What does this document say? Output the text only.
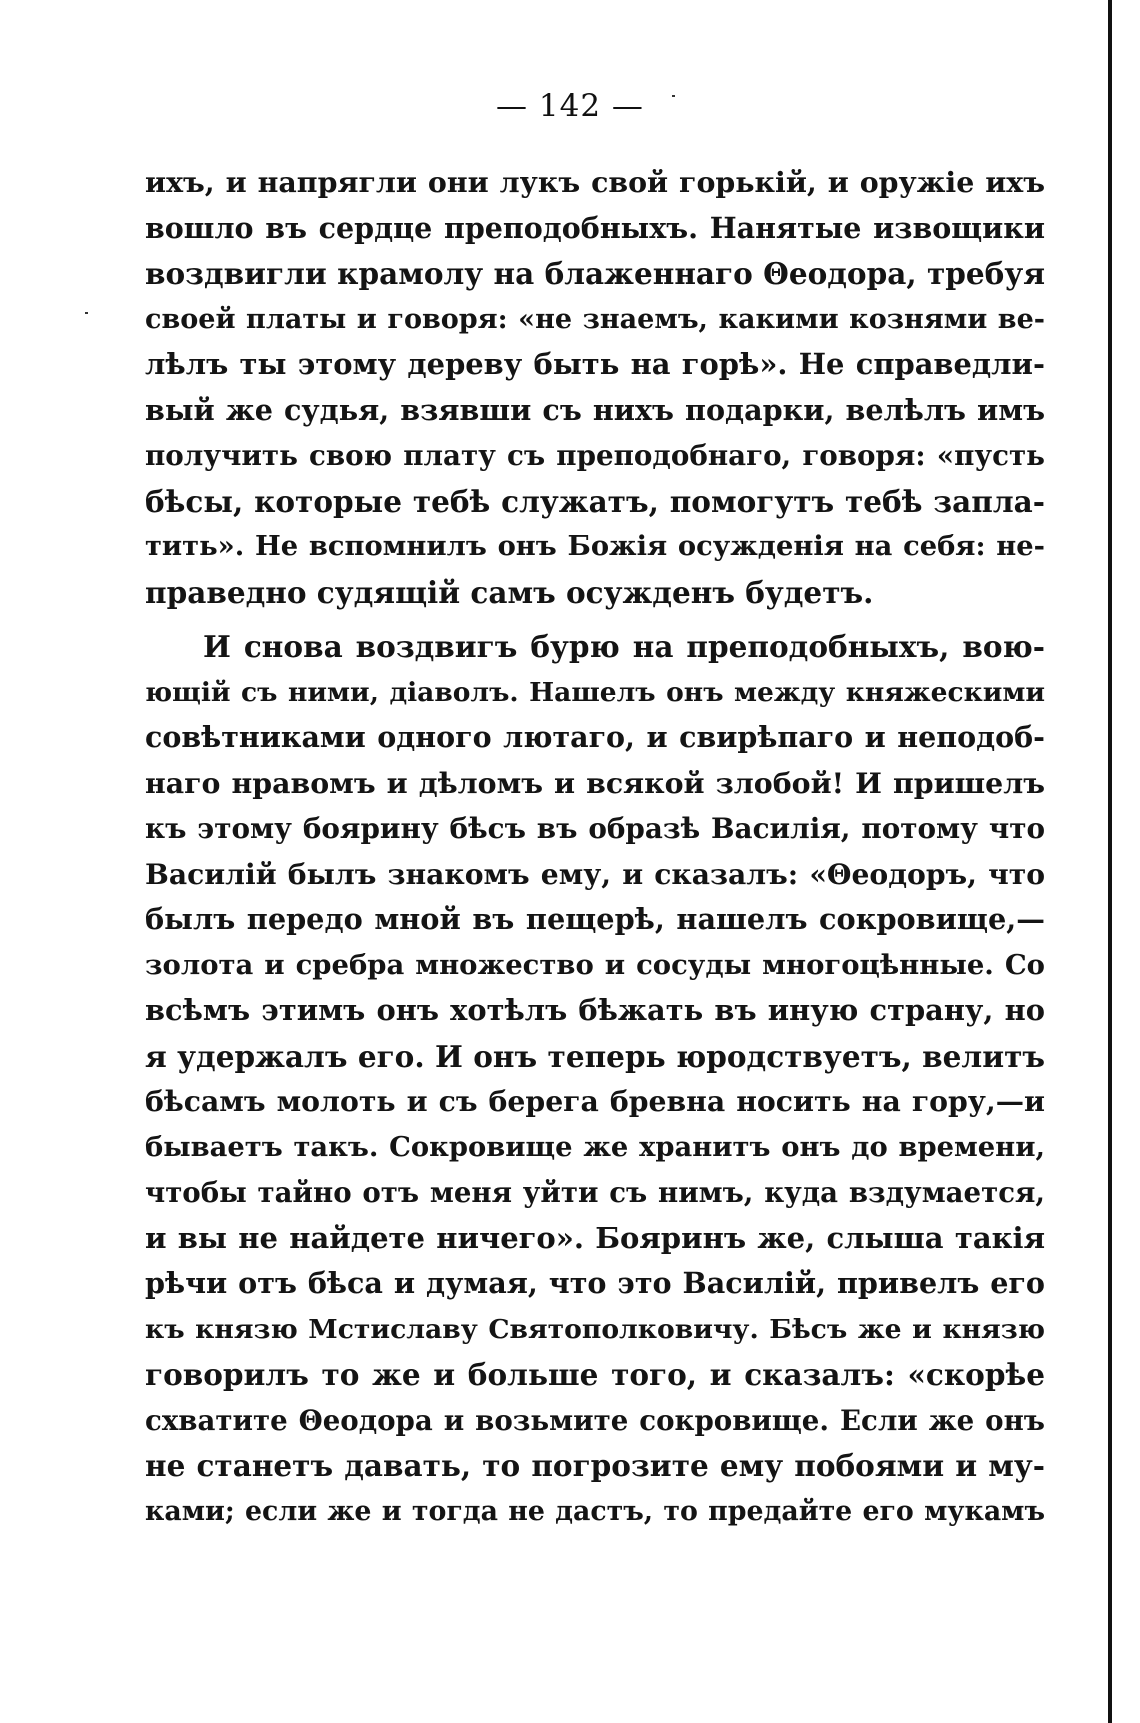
— 142 —
ихъ, и напрягли они лукъ свой горькій, и оружіе ихъ
вошло въ сердце преподобныхъ. Нанятые извощики
воздвигли крамолу на блаженнаго Θеодора, требуя
своей платы и говоря: «не знаемъ, какими кознями ве-
лѣлъ ты этому дереву быть на горѣ». Не справедли-
вый же судья, взявши съ нихъ подарки, велѣлъ имъ
получить свою плату съ преподобнаго, говоря: «пусть
бѣсы, которые тебѣ служатъ, помогутъ тебѣ запла-
тить». Не вспомнилъ онъ Божія осужденія на себя: не-
праведно судящій самъ осужденъ будетъ.
И снова воздвигъ бурю на преподобныхъ, вою-
ющій съ ними, діаволъ. Нашелъ онъ между княжескими
совѣтниками одного лютаго, и свирѣпаго и неподоб-
наго нравомъ и дѣломъ и всякой злобой! И пришелъ
къ этому боярину бѣсъ въ образѣ Василія, потому что
Василій былъ знакомъ ему, и сказалъ: «Θеодоръ, что
былъ передо мной въ пещерѣ, нашелъ сокровище,—
золота и сребра множество и сосуды многоцѣнные. Со
всѣмъ этимъ онъ хотѣлъ бѣжать въ иную страну, но
я удержалъ его. И онъ теперь юродствуетъ, велитъ
бѣсамъ молоть и съ берега бревна носить на гору,—и
бываетъ такъ. Сокровище же хранитъ онъ до времени,
чтобы тайно отъ меня уйти съ нимъ, куда вздумается,
и вы не найдете ничего». Бояринъ же, слыша такія
рѣчи отъ бѣса и думая, что это Василій, привелъ его
къ князю Мстиславу Святополковичу. Бѣсъ же и князю
говорилъ то же и больше того, и сказалъ: «скорѣе
схватите Θеодора и возьмите сокровище. Если же онъ
не станетъ давать, то погрозите ему побоями и му-
ками; если же и тогда не дастъ, то предайте его мукамъ
